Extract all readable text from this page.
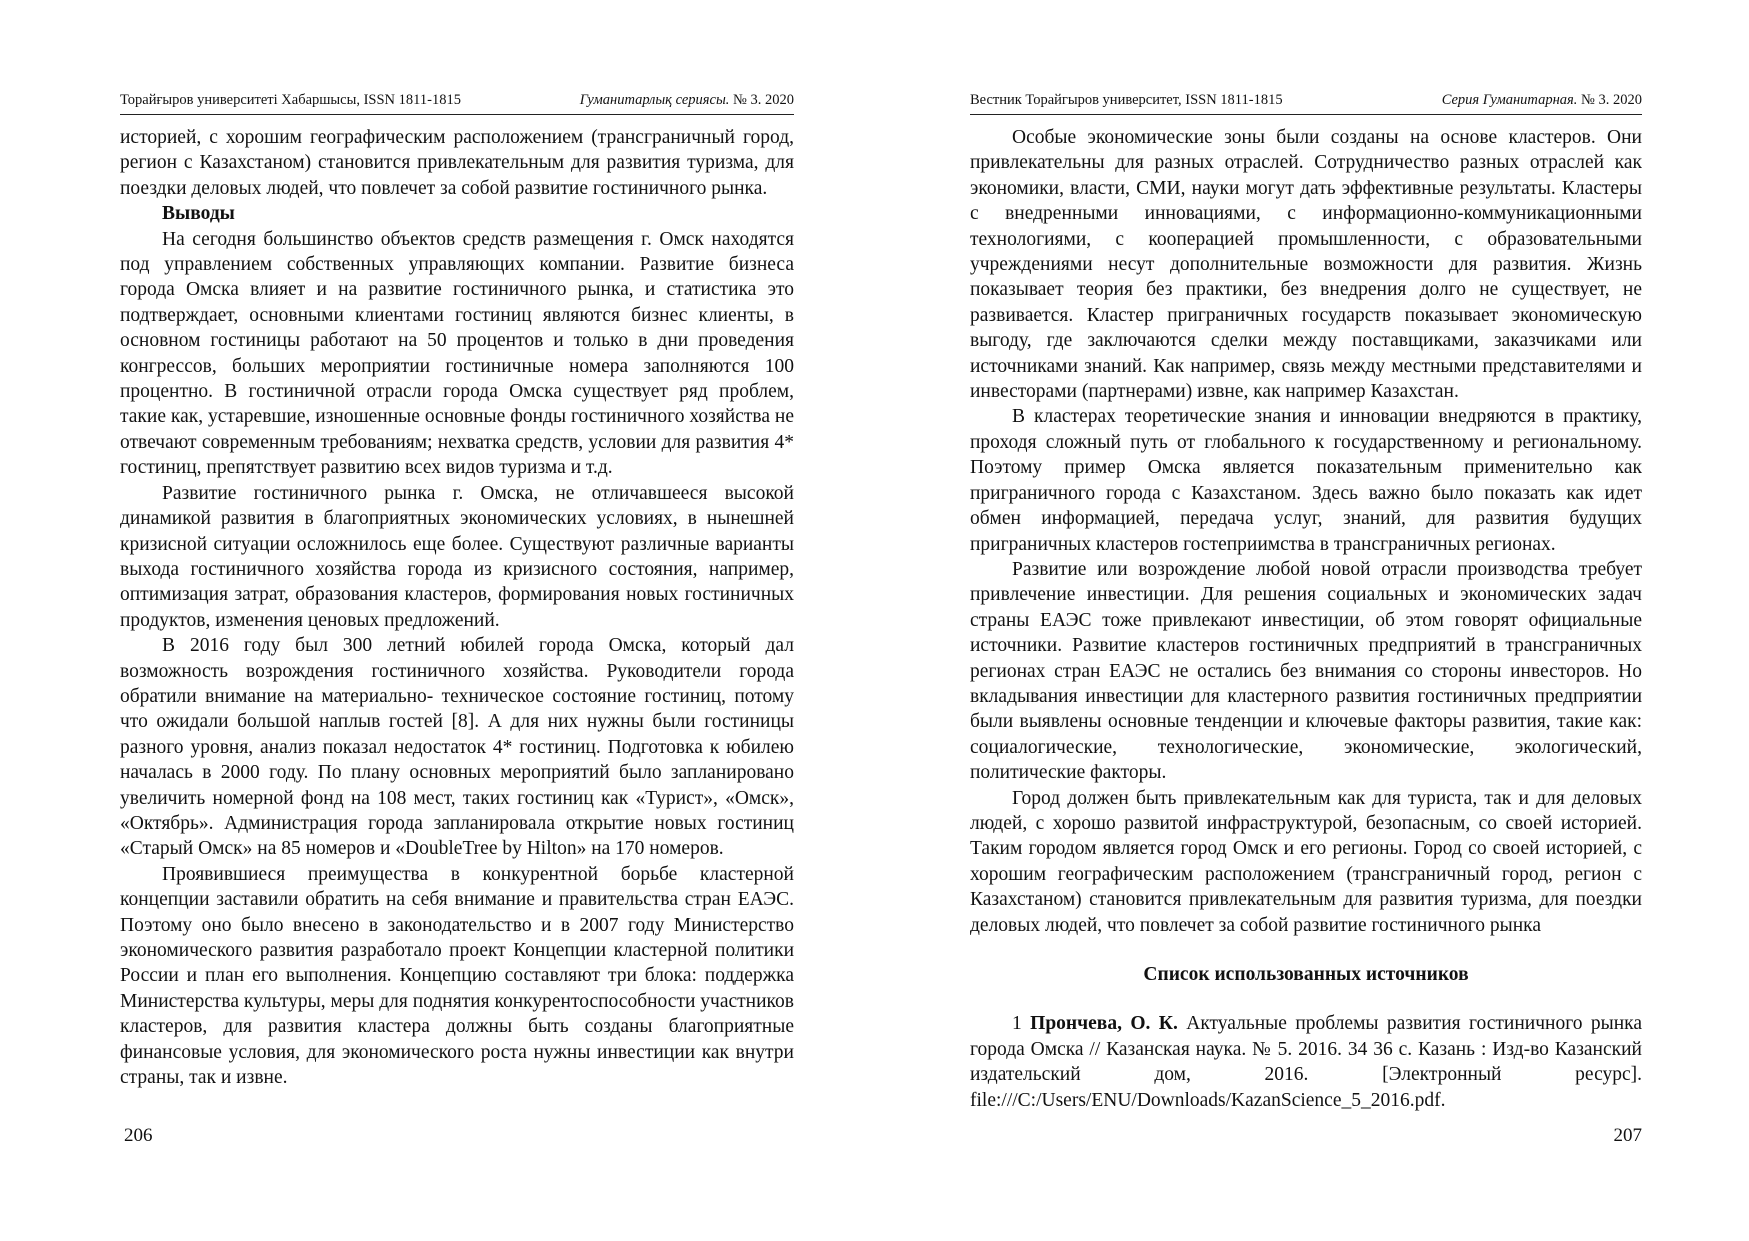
Торайғыров университеті Хабаршысы, ISSN 1811-1815	Гуманитарлық сериясы. № 3. 2020

историей, с хорошим географическим расположением (трансграничный город, регион с Казахстаном) становится привлекательным для развития туризма, для поездки деловых людей, что повлечет за собой развитие гостиничного рынка.

Выводы

На сегодня большинство объектов средств размещения г. Омск находятся под управлением собственных управляющих компании. Развитие бизнеса города Омска влияет и на развитие гостиничного рынка, и статистика это подтверждает, основными клиентами гостиниц являются бизнес клиенты, в основном гостиницы работают на 50 процентов и только в дни проведения конгрессов, больших мероприятии гостиничные номера заполняются 100 процентно. В гостиничной отрасли города Омска существует ряд проблем, такие как, устаревшие, изношенные основные фонды гостиничного хозяйства не отвечают современным требованиям; нехватка средств, условии для развития 4* гостиниц, препятствует развитию всех видов туризма и т.д.

Развитие гостиничного рынка г. Омска, не отличавшееся высокой динамикой развития в благоприятных экономических условиях, в нынешней кризисной ситуации осложнилось еще более. Существуют различные варианты выхода гостиничного хозяйства города из кризисного состояния, например, оптимизация затрат, образования кластеров, формирования новых гостиничных продуктов, изменения ценовых предложений.

В 2016 году был 300 летний юбилей города Омска, который дал возможность возрождения гостиничного хозяйства. Руководители города обратили внимание на материально- техническое состояние гостиниц, потому что ожидали большой наплыв гостей [8]. А для них нужны были гостиницы разного уровня, анализ показал недостаток 4* гостиниц. Подготовка к юбилею началась в 2000 году. По плану основных мероприятий было запланировано увеличить номерной фонд на 108 мест, таких гостиниц как «Турист», «Омск», «Октябрь». Администрация города запланировала открытие новых гостиниц «Старый Омск» на 85 номеров и «DoubleTree by Hilton» на 170 номеров.

Проявившиеся преимущества в конкурентной борьбе кластерной концепции заставили обратить на себя внимание и правительства стран ЕАЭС. Поэтому оно было внесено в законодательство и в 2007 году Министерство экономического развития разработало проект Концепции кластерной политики России и план его выполнения. Концепцию составляют три блока: поддержка Министерства культуры, меры для поднятия конкурентоспособности участников кластеров, для развития кластера должны быть созданы благоприятные финансовые условия, для экономического роста нужны инвестиции как внутри страны, так и извне.

206
Вестник Торайгыров университет, ISSN 1811-1815	Серия Гуманитарная. № 3. 2020

Особые экономические зоны были созданы на основе кластеров. Они привлекательны для разных отраслей. Сотрудничество разных отраслей как экономики, власти, СМИ, науки могут дать эффективные результаты. Кластеры с внедренными инновациями, с информационно-коммуникационными технологиями, с кооперацией промышленности, с образовательными учреждениями несут дополнительные возможности для развития. Жизнь показывает теория без практики, без внедрения долго не существует, не развивается. Кластер приграничных государств показывает экономическую выгоду, где заключаются сделки между поставщиками, заказчиками или источниками знаний. Как например, связь между местными представителями и инвесторами (партнерами) извне, как например Казахстан.

В кластерах теоретические знания и инновации внедряются в практику, проходя сложный путь от глобального к государственному и региональному. Поэтому пример Омска является показательным применительно как приграничного города с Казахстаном. Здесь важно было показать как идет обмен информацией, передача услуг, знаний, для развития будущих приграничных кластеров гостеприимства в трансграничных регионах.

Развитие или возрождение любой новой отрасли производства требует привлечение инвестиции. Для решения социальных и экономических задач страны ЕАЭС тоже привлекают инвестиции, об этом говорят официальные источники. Развитие кластеров гостиничных предприятий в трансграничных регионах стран ЕАЭС не остались без внимания со стороны инвесторов. Но вкладывания инвестиции для кластерного развития гостиничных предприятии были выявлены основные тенденции и ключевые факторы развития, такие как: социалогические, технологические, экономические, экологический, политические факторы.

Город должен быть привлекательным как для туриста, так и для деловых людей, с хорошо развитой инфраструктурой, безопасным, со своей историей. Таким городом является город Омск и его регионы. Город со своей историей, с хорошим географическим расположением (трансграничный город, регион с Казахстаном) становится привлекательным для развития туризма, для поездки деловых людей, что повлечет за собой развитие гостиничного рынка

Список использованных источников

1 Прончева, О. К. Актуальные проблемы развития гостиничного рынка города Омска // Казанская наука. № 5. 2016. 34 36 с. Казань : Изд-во Казанский издательский дом, 2016. [Электронный ресурс]. file:///C:/Users/ENU/Downloads/KazanScience_5_2016.pdf.

207
